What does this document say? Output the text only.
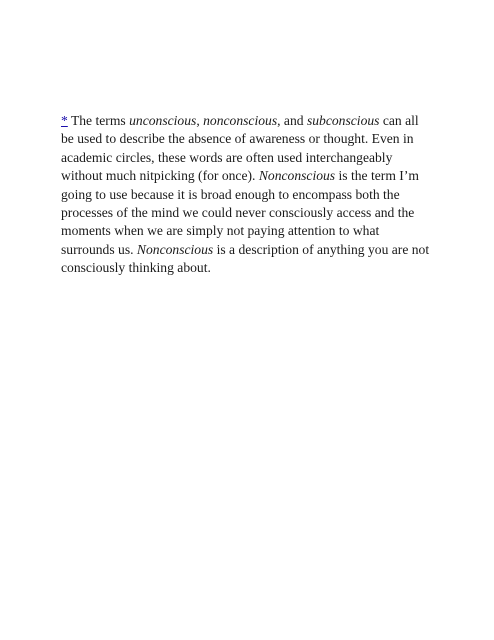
* The terms unconscious, nonconscious, and subconscious can all be used to describe the absence of awareness or thought. Even in academic circles, these words are often used interchangeably without much nitpicking (for once). Nonconscious is the term I’m going to use because it is broad enough to encompass both the processes of the mind we could never consciously access and the moments when we are simply not paying attention to what surrounds us. Nonconscious is a description of anything you are not consciously thinking about.
